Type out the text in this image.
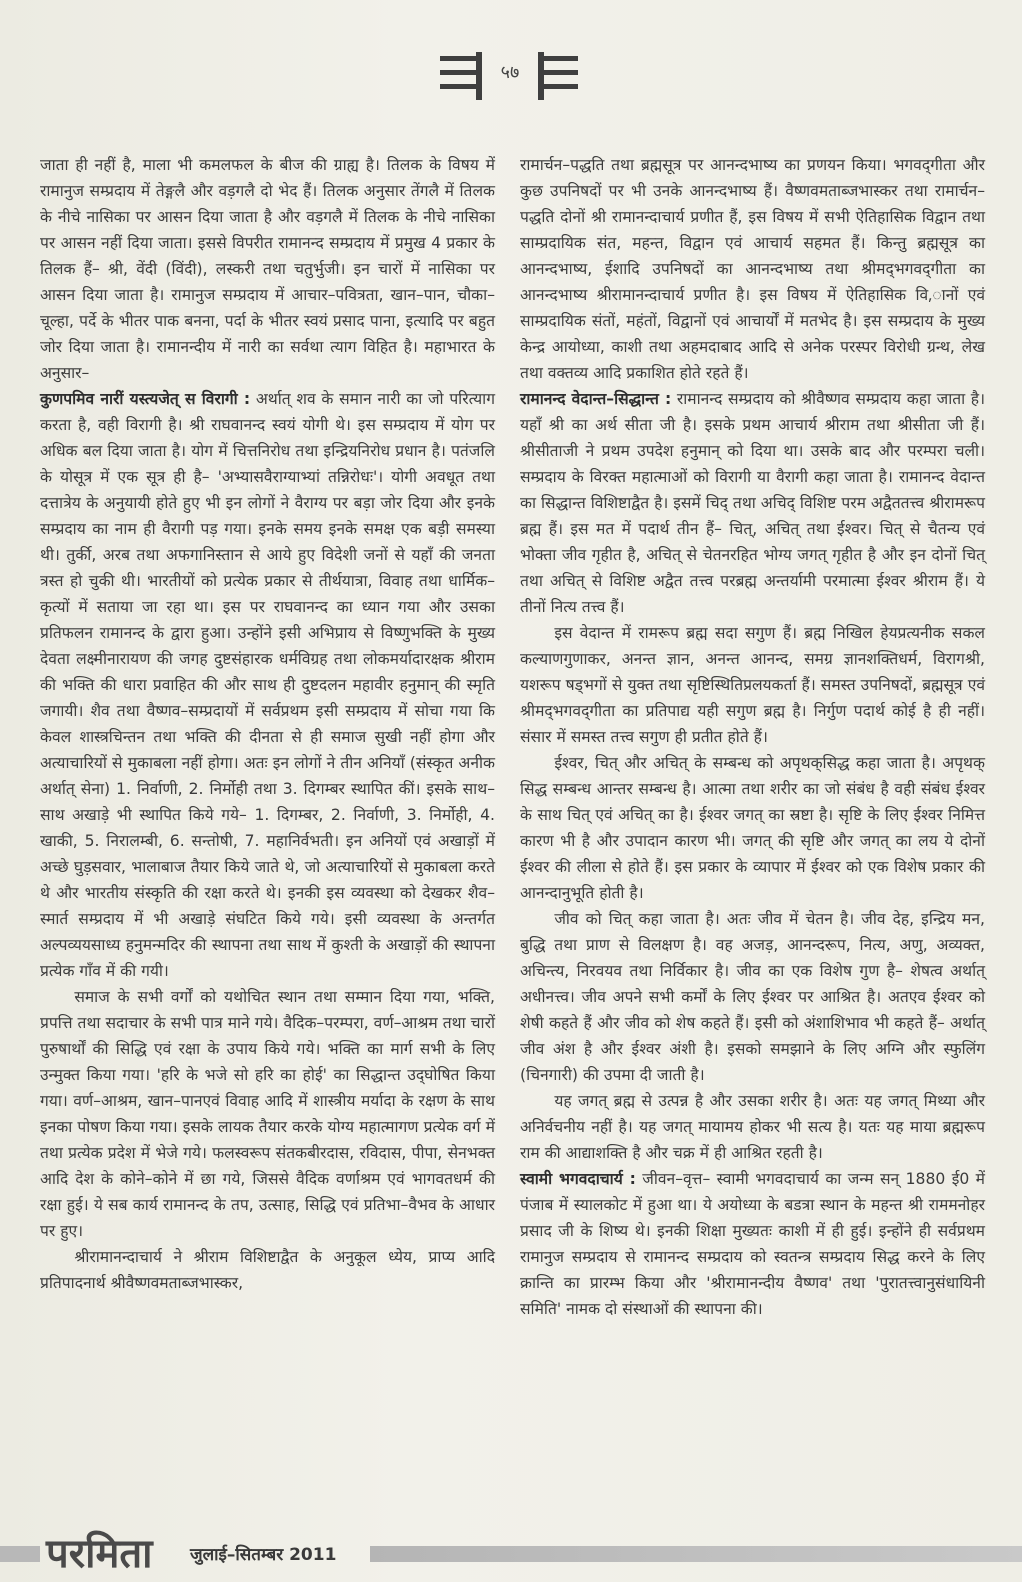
५७

जाता ही नहीं है, माला भी कमलफल के बीज की ग्राह्य है। तिलक के विषय में रामानुज सम्प्रदाय में तेङ्गलै और वड़गलै दो भेद हैं। तिलक अनुसार तेंगलै में तिलक के नीचे नासिका पर आसन दिया जाता है और वड़गलै में तिलक के नीचे नासिका पर आसन नहीं दिया जाता। इससे विपरीत रामानन्द सम्प्रदाय में प्रमुख 4 प्रकार के तिलक हैं– श्री, वेंदी (विंदी), लस्करी तथा चतुर्भुजी। इन चारों में नासिका पर आसन दिया जाता है। रामानुज सम्प्रदाय में आचार–पवित्रता, खान–पान, चौका–चूल्हा, पर्दे के भीतर पाक बनना, पर्दा के भीतर स्वयं प्रसाद पाना, इत्यादि पर बहुत जोर दिया जाता है। रामानन्दीय में नारी का सर्वथा त्याग विहित है। महाभारत के अनुसार–

कुणपमिव नारीं यस्त्यजेत् स विरागी : अर्थात् शव के समान नारी का जो परित्याग करता है, वही विरागी है। श्री राघवानन्द स्वयं योगी थे। इस सम्प्रदाय में योग पर अधिक बल दिया जाता है। योग में चित्तनिरोध तथा इन्द्रियनिरोध प्रधान है। पतंजलि के योसूत्र में एक सूत्र ही है– 'अभ्यासवैराग्याभ्यां तन्निरोधः'। योगी अवधूत तथा दत्तात्रेय के अनुयायी होते हुए भी इन लोगों ने वैराग्य पर बड़ा जोर दिया और इनके सम्प्रदाय का नाम ही वैरागी पड़ गया। इनके समय इनके समक्ष एक बड़ी समस्या थी। तुर्की, अरब तथा अफगानिस्तान से आये हुए विदेशी जनों से यहाँ की जनता त्रस्त हो चुकी थी। भारतीयों को प्रत्येक प्रकार से तीर्थयात्रा, विवाह तथा धार्मिक–कृत्यों में सताया जा रहा था। इस पर राघवानन्द का ध्यान गया और उसका प्रतिफलन रामानन्द के द्वारा हुआ। उन्होंने इसी अभिप्राय से विष्णुभक्ति के मुख्य देवता लक्ष्मीनारायण की जगह दुष्टसंहारक धर्मविग्रह तथा लोकमर्यादारक्षक श्रीराम की भक्ति की धारा प्रवाहित की और साथ ही दुष्टदलन महावीर हनुमान् की स्मृति जगायी। शैव तथा वैष्णव–सम्प्रदायों में सर्वप्रथम इसी सम्प्रदाय में सोचा गया कि केवल शास्त्रचिन्तन तथा भक्ति की दीनता से ही समाज सुखी नहीं होगा और अत्याचारियों से मुकाबला नहीं होगा। अतः इन लोगों ने तीन अनियाँ (संस्कृत अनीक अर्थात् सेना) 1. निर्वाणी, 2. निर्मोही तथा 3. दिगम्बर स्थापित कीं। इसके साथ–साथ अखाड़े भी स्थापित किये गये– 1. दिगम्बर, 2. निर्वाणी, 3. निर्मोही, 4. खाकी, 5. निरालम्बी, 6. सन्तोषी, 7. महानिर्वभती। इन अनियों एवं अखाड़ों में अच्छे घुड़सवार, भालाबाज तैयार किये जाते थे, जो अत्याचारियों से मुकाबला करते थे और भारतीय संस्कृति की रक्षा करते थे। इनकी इस व्यवस्था को देखकर शैव–स्मार्त सम्प्रदाय में भी अखाड़े संघटित किये गये। इसी व्यवस्था के अन्तर्गत अल्पव्ययसाध्य हनुमन्मदिर की स्थापना तथा साथ में कुश्ती के अखाड़ों की स्थापना प्रत्येक गाँव में की गयी।

समाज के सभी वर्गों को यथोचित स्थान तथा सम्मान दिया गया, भक्ति, प्रपत्ति तथा सदाचार के सभी पात्र माने गये। वैदिक–परम्परा, वर्ण–आश्रम तथा चारों पुरुषार्थों की सिद्धि एवं रक्षा के उपाय किये गये। भक्ति का मार्ग सभी के लिए उन्मुक्त किया गया। 'हरि के भजे सो हरि का होई' का सिद्धान्त उद्‌घोषित किया गया। वर्ण–आश्रम, खान–पानएवं विवाह आदि में शास्त्रीय मर्यादा के रक्षण के साथ इनका पोषण किया गया। इसके लायक तैयार करके योग्य महात्मागण प्रत्येक वर्ग में तथा प्रत्येक प्रदेश में भेजे गये। फलस्वरूप संतकबीरदास, रविदास, पीपा, सेनभक्त आदि देश के कोने–कोने में छा गये, जिससे वैदिक वर्णाश्रम एवं भागवतधर्म की रक्षा हुई। ये सब कार्य रामानन्द के तप, उत्साह, सिद्धि एवं प्रतिभा–वैभव के आधार पर हुए।

श्रीरामानन्दाचार्य ने श्रीराम विशिष्टाद्वैत के अनुकूल ध्येय, प्राप्य आदि प्रतिपादनार्थ श्रीवैष्णवमताब्जभास्कर,

रामार्चन–पद्धति तथा ब्रह्मसूत्र पर आनन्दभाष्य का प्रणयन किया। भगवद्‌गीता और कुछ उपनिषदों पर भी उनके आनन्दभाष्य हैं। वैष्णवमताब्जभास्कर तथा रामार्चन–पद्धति दोनों श्री रामानन्दाचार्य प्रणीत हैं, इस विषय में सभी ऐतिहासिक विद्वान तथा साम्प्रदायिक संत, महन्त, विद्वान एवं आचार्य सहमत हैं। किन्तु ब्रह्मसूत्र का आनन्दभाष्य, ईशादि उपनिषदों का आनन्दभाष्य तथा श्रीमद्‌भगवद्‌गीता का आनन्दभाष्य श्रीरामानन्दाचार्य प्रणीत है। इस विषय में ऐतिहासिक वि,ानों एवं साम्प्रदायिक संतों, महंतों, विद्वानों एवं आचार्यों में मतभेद है। इस सम्प्रदाय के मुख्य केन्द्र आयोध्या, काशी तथा अहमदाबाद आदि से अनेक परस्पर विरोधी ग्रन्थ, लेख तथा वक्तव्य आदि प्रकाशित होते रहते हैं।

रामानन्द वेदान्त–सिद्धान्त : रामानन्द सम्प्रदाय को श्रीवैष्णव सम्प्रदाय कहा जाता है। यहाँ श्री का अर्थ सीता जी है। इसके प्रथम आचार्य श्रीराम तथा श्रीसीता जी हैं। श्रीसीताजी ने प्रथम उपदेश हनुमान् को दिया था। उसके बाद और परम्परा चली। सम्प्रदाय के विरक्त महात्माओं को विरागी या वैरागी कहा जाता है। रामानन्द वेदान्त का सिद्धान्त विशिष्टाद्वैत है। इसमें चिद् तथा अचिद् विशिष्ट परम अद्वैततत्त्व श्रीरामरूप ब्रह्म हैं। इस मत में पदार्थ तीन हैं– चित्, अचित् तथा ईश्वर। चित् से चैतन्य एवं भोक्ता जीव गृहीत है, अचित् से चेतनरहित भोग्य जगत् गृहीत है और इन दोनों चित् तथा अचित् से विशिष्ट अद्वैत तत्त्व परब्रह्म अन्तर्यामी परमात्मा ईश्वर श्रीराम हैं। ये तीनों नित्य तत्त्व हैं।

इस वेदान्त में रामरूप ब्रह्म सदा सगुण हैं। ब्रह्म निखिल हेयप्रत्यनीक सकल कल्याणगुणाकर, अनन्त ज्ञान, अनन्त आनन्द, समग्र ज्ञानशक्तिधर्म, विरागश्री, यशरूप षड्भगों से युक्त तथा सृष्टिस्थितिप्रलयकर्ता हैं। समस्त उपनिषदों, ब्रह्मसूत्र एवं श्रीमद्‌भगवद्‌गीता का प्रतिपाद्य यही सगुण ब्रह्म है। निर्गुण पदार्थ कोई है ही नहीं। संसार में समस्त तत्त्व सगुण ही प्रतीत होते हैं।

ईश्वर, चित् और अचित् के सम्बन्ध को अपृथक्‌सिद्ध कहा जाता है। अपृथक् सिद्ध सम्बन्ध आन्तर सम्बन्ध है। आत्मा तथा शरीर का जो संबंध है वही संबंध ईश्वर के साथ चित् एवं अचित् का है। ईश्वर जगत् का स्रष्टा है। सृष्टि के लिए ईश्वर निमित्त कारण भी है और उपादान कारण भी। जगत् की सृष्टि और जगत् का लय ये दोनों ईश्वर की लीला से होते हैं। इस प्रकार के व्यापार में ईश्वर को एक विशेष प्रकार की आनन्दानुभूति होती है।

जीव को चित् कहा जाता है। अतः जीव में चेतन है। जीव देह, इन्द्रिय मन, बुद्धि तथा प्राण से विलक्षण है। वह अजड़, आनन्दरूप, नित्य, अणु, अव्यक्त, अचिन्त्य, निरवयव तथा निर्विकार है। जीव का एक विशेष गुण है– शेषत्व अर्थात् अधीनत्त्व। जीव अपने सभी कर्मों के लिए ईश्वर पर आश्रित है। अतएव ईश्वर को शेषी कहते हैं और जीव को शेष कहते हैं। इसी को अंशाशिभाव भी कहते हैं– अर्थात् जीव अंश है और ईश्वर अंशी है। इसको समझाने के लिए अग्नि और स्फुलिंग (चिनगारी) की उपमा दी जाती है।

यह जगत् ब्रह्म से उत्पन्न है और उसका शरीर है। अतः यह जगत् मिथ्या और अनिर्वचनीय नहीं है। यह जगत् मायामय होकर भी सत्य है। यतः यह माया ब्रह्मरूप राम की आद्याशक्ति है और चक्र में ही आश्रित रहती है।

स्वामी भगवदाचार्य : जीवन–वृत्त– स्वामी भगवदाचार्य का जन्म सन् 1880 ई0 में पंजाब में स्यालकोट में हुआ था। ये अयोध्या के बडत्रा स्थान के महन्त श्री राममनोहर प्रसाद जी के शिष्य थे। इनकी शिक्षा मुख्यतः काशी में ही हुई। इन्होंने ही सर्वप्रथम रामानुज सम्प्रदाय से रामानन्द सम्प्रदाय को स्वतन्त्र सम्प्रदाय सिद्ध करने के लिए क्रान्ति का प्रारम्भ किया और 'श्रीरामानन्दीय वैष्णव' तथा 'पुरातत्त्वानुसंधायिनी समिति' नामक दो संस्थाओं की स्थापना की।

परमिता जुलाई–सितम्बर 2011
